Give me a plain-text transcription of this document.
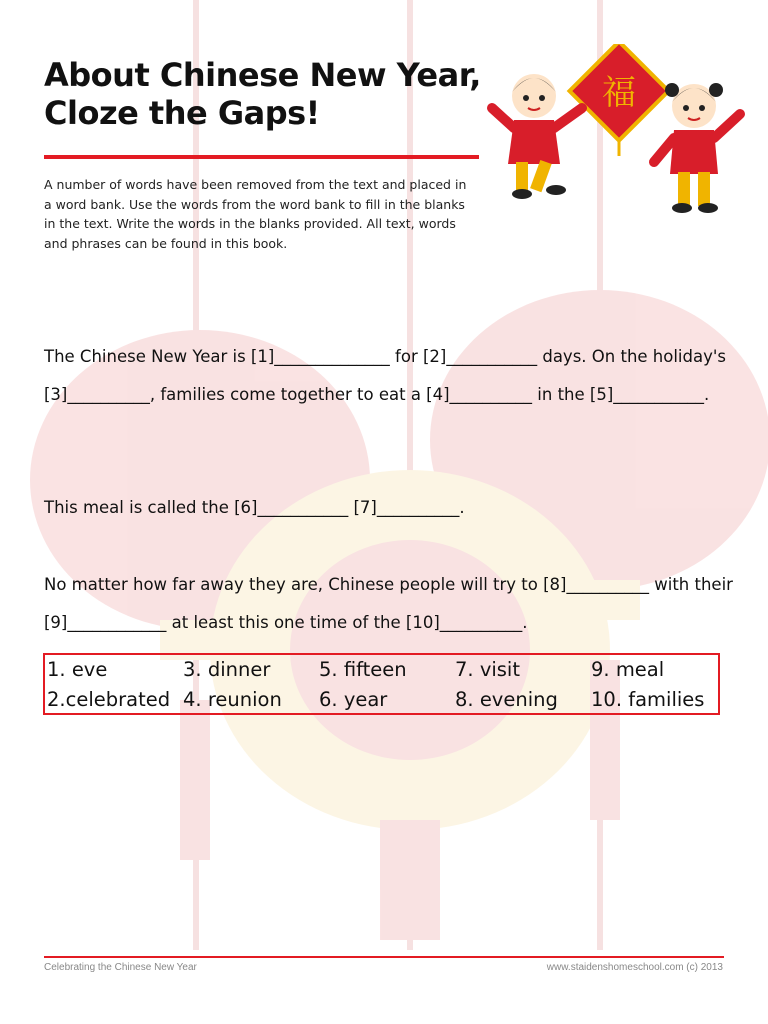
About Chinese New Year,
Cloze the Gaps!
A number of words have been removed from the text and placed in a word bank. Use the words from the word bank to fill in the blanks in the text. Write the words in the blanks provided. All text, words and phrases can be found in this book.
福
The Chinese New Year is [1]______________ for [2]___________ days. On the holiday's [3]__________, families come together to eat a [4]__________ in the [5]___________.
This meal is called the [6]___________ [7]__________.
No matter how far away they are, Chinese people will try to [8]__________ with their [9]____________ at least this one time of the [10]__________.
1. eve	3. dinner	5. fifteen	7. visit	9. meal
2.celebrated 4. reunion	6. year	8. evening	10. families
Celebrating the Chinese New Year	www.staidenshomeschool.com (c) 2013
